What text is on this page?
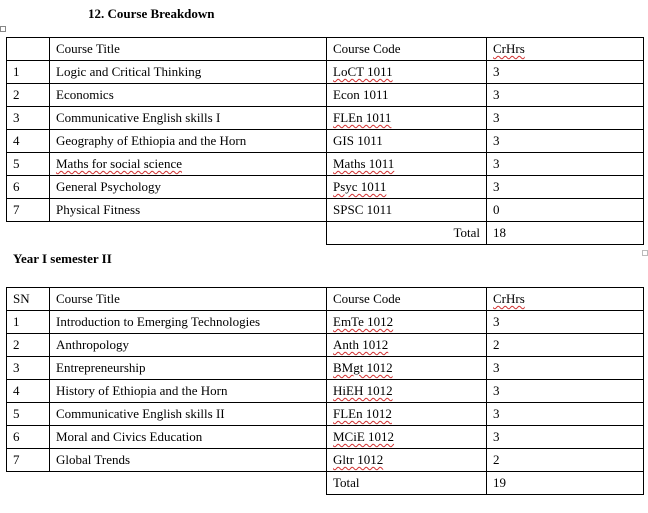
12. Course Breakdown
	Course Title	Course Code	CrHrs
1	Logic and Critical Thinking	LoCT 1011	3
2	Economics	Econ 1011	3
3	Communicative English skills I	FLEn 1011	3
4	Geography of Ethiopia and the Horn	GIS 1011	3
5	Maths for social science	Maths 1011	3
6	General Psychology	Psyc 1011	3
7	Physical Fitness	SPSC 1011	0
		Total	18
Year I semester II
SN	Course Title	Course Code	CrHrs
1	Introduction to Emerging Technologies	EmTe 1012	3
2	Anthropology	Anth 1012	2
3	Entrepreneurship	BMgt 1012	3
4	History of Ethiopia and the Horn	HiEH 1012	3
5	Communicative English skills II	FLEn 1012	3
6	Moral and Civics Education	MCiE 1012	3
7	Global Trends	Gltr 1012	2
		Total	19
